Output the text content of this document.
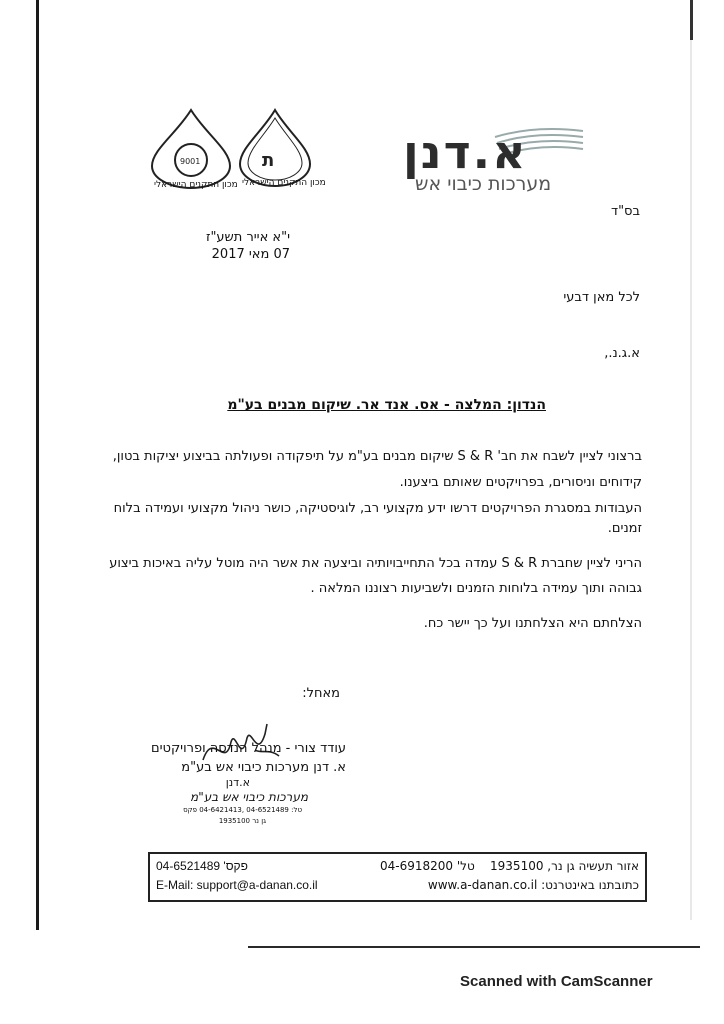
א.דנן
מערכות כיבוי אש
ת
מכון התקנים הישראלי
9001
מכון התקנים הישראלי
בס"ד
י"א אייר תשע"ז
07 מאי 2017
לכל מאן דבעי
א.ג.נ.,
הנדון: המלצה - אס. אנד אר. שיקום מבנים בע"מ
ברצוני לציין לשבח את חב' S & R שיקום מבנים בע"מ על תיפקודה ופעולתה בביצוע יציקות בטון,
קידוחים וניסורים, בפרויקטים שאותם ביצענו.
העבודות במסגרת הפרויקטים דרשו ידע מקצועי רב, לוגיסטיקה, כושר ניהול מקצועי ועמידה בלוח
זמנים.
הריני לציין שחברת S & R עמדה בכל התחייבויותיה וביצעה את אשר היה מוטל עליה באיכות ביצוע
גבוהה ותוך עמידה בלוחות הזמנים ולשביעות רצוננו המלאה .
הצלחתם היא הצלחתנו ועל כך יישר כח.
מאחל:
עודד צורי - מנהל הנדסה ופרויקטים
א. דנן מערכות כיבוי אש בע"מ
א.דנן
מערכות כיבוי אש בע"מ
טל: 04-6521489 ,04-6421413 פקס
גן נר 1935100
פקס' 04-6521489
E-Mail: support@a-danan.co.il
אזור תעשיה גן נר, 1935100    טל' 04-6918200
כתובתנו באינטרנט: www.a-danan.co.il
Scanned with CamScanner
